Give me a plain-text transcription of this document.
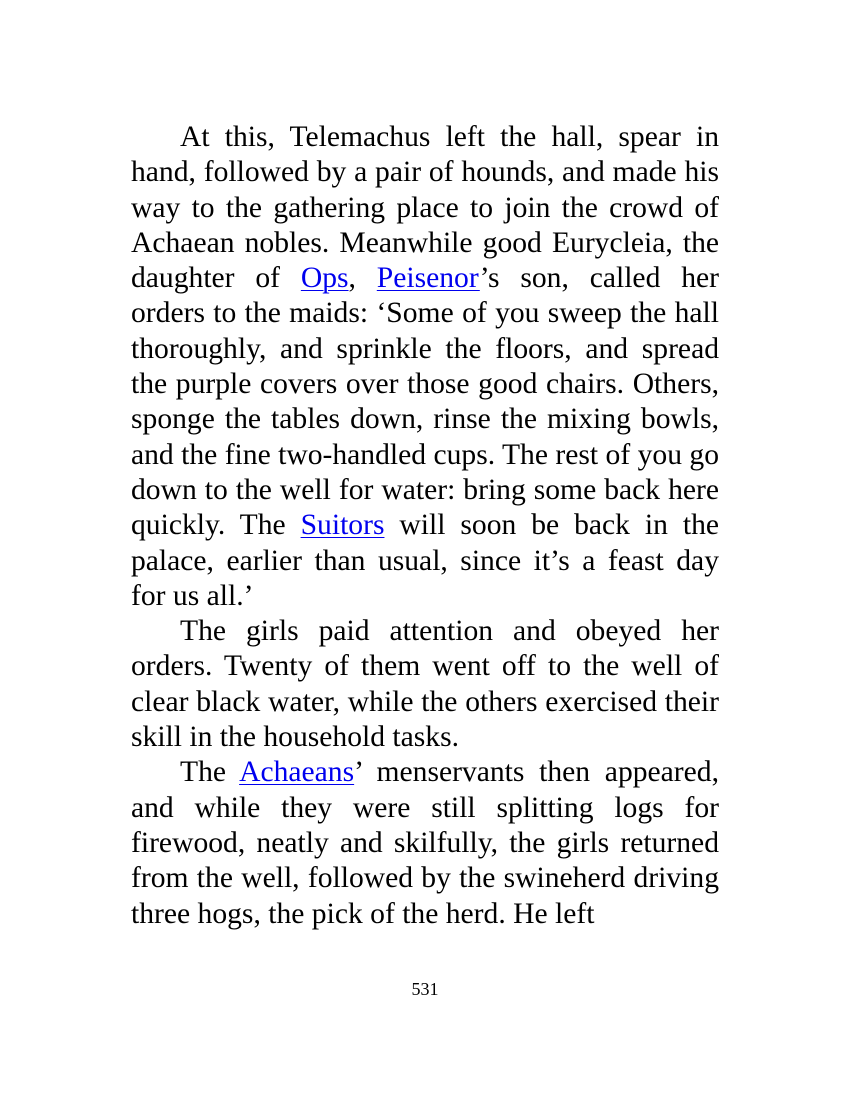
At this, Telemachus left the hall, spear in hand, followed by a pair of hounds, and made his way to the gathering place to join the crowd of Achaean nobles. Meanwhile good Eurycleia, the daughter of Ops, Peisenor’s son, called her orders to the maids: ‘Some of you sweep the hall thoroughly, and sprinkle the floors, and spread the purple covers over those good chairs. Others, sponge the tables down, rinse the mixing bowls, and the fine two-handled cups. The rest of you go down to the well for water: bring some back here quickly. The Suitors will soon be back in the palace, earlier than usual, since it’s a feast day for us all.’

The girls paid attention and obeyed her orders. Twenty of them went off to the well of clear black water, while the others exercised their skill in the household tasks.

The Achaeans’ menservants then appeared, and while they were still splitting logs for firewood, neatly and skilfully, the girls returned from the well, followed by the swineherd driving three hogs, the pick of the herd. He left

531
